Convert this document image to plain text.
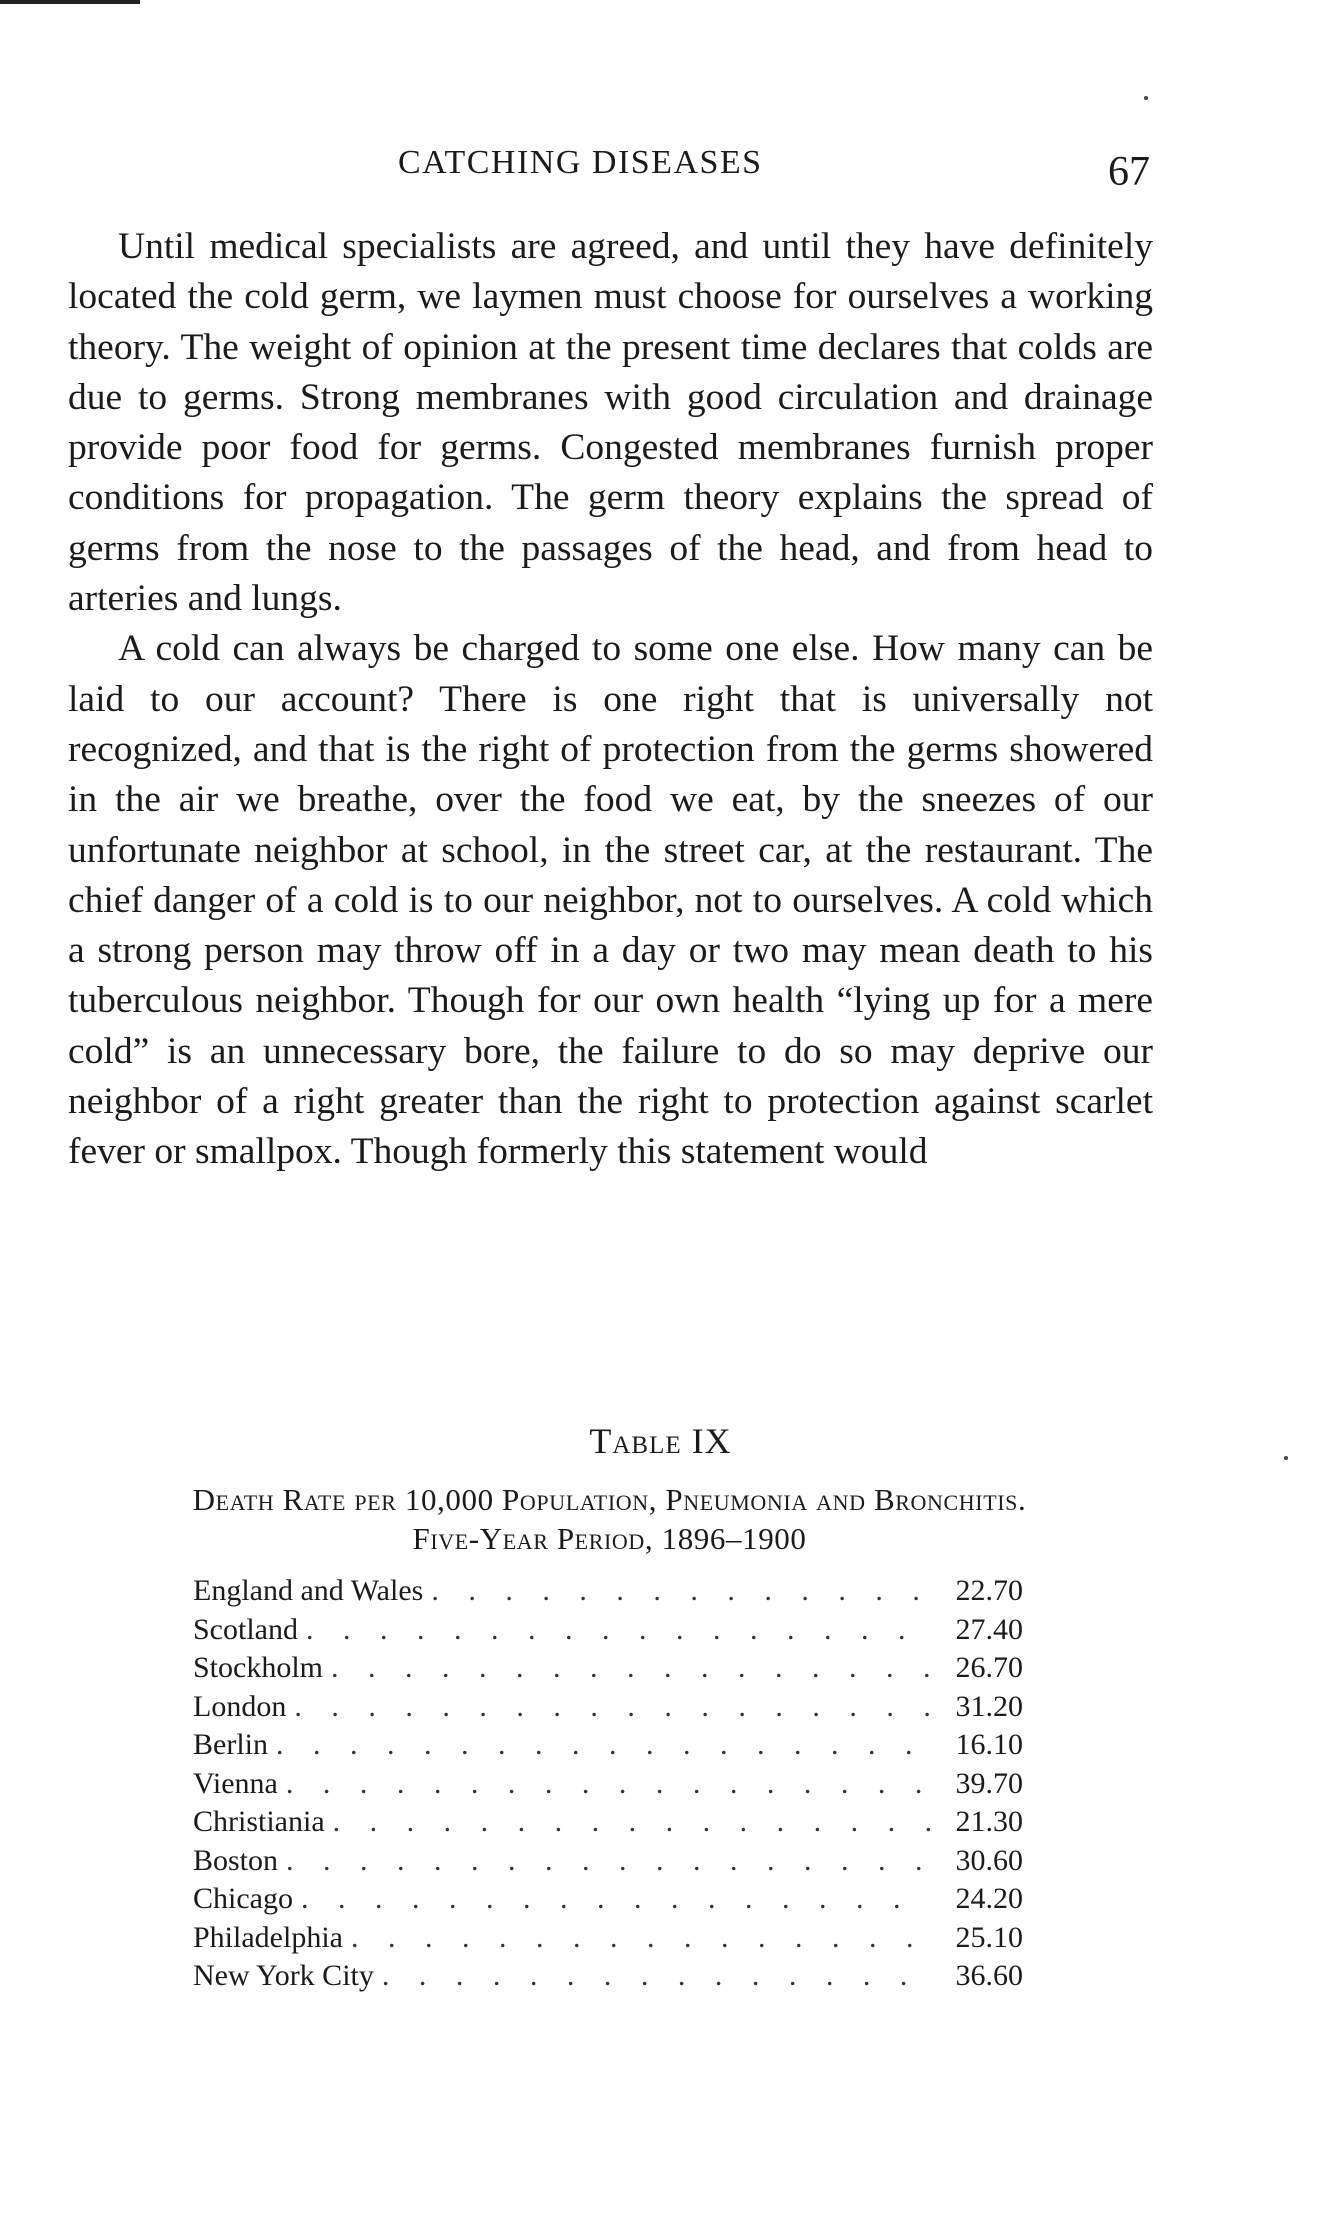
CATCHING DISEASES	67

Until medical specialists are agreed, and until they have definitely located the cold germ, we laymen must choose for ourselves a working theory. The weight of opinion at the present time declares that colds are due to germs. Strong membranes with good circulation and drainage provide poor food for germs. Congested membranes furnish proper conditions for propagation. The germ theory explains the spread of germs from the nose to the passages of the head, and from head to arteries and lungs.

A cold can always be charged to some one else. How many can be laid to our account? There is one right that is universally not recognized, and that is the right of protection from the germs showered in the air we breathe, over the food we eat, by the sneezes of our unfortunate neighbor at school, in the street car, at the restaurant. The chief danger of a cold is to our neighbor, not to ourselves. A cold which a strong person may throw off in a day or two may mean death to his tuberculous neighbor. Though for our own health “lying up for a mere cold” is an unnecessary bore, the failure to do so may deprive our neighbor of a right greater than the right to protection against scarlet fever or smallpox. Though formerly this statement would

Table IX
Death Rate per 10,000 Population, Pneumonia and Bronchitis.
Five-Year Period, 1896–1900
England and Wales . . .	22.70
Scotland . . .	27.40
Stockholm . . .	26.70
London . . .	31.20
Berlin . . .	16.10
Vienna . . .	39.70
Christiania . . .	21.30
Boston . . .	30.60
Chicago . . .	24.20
Philadelphia . . .	25.10
New York City . . .	36.60
